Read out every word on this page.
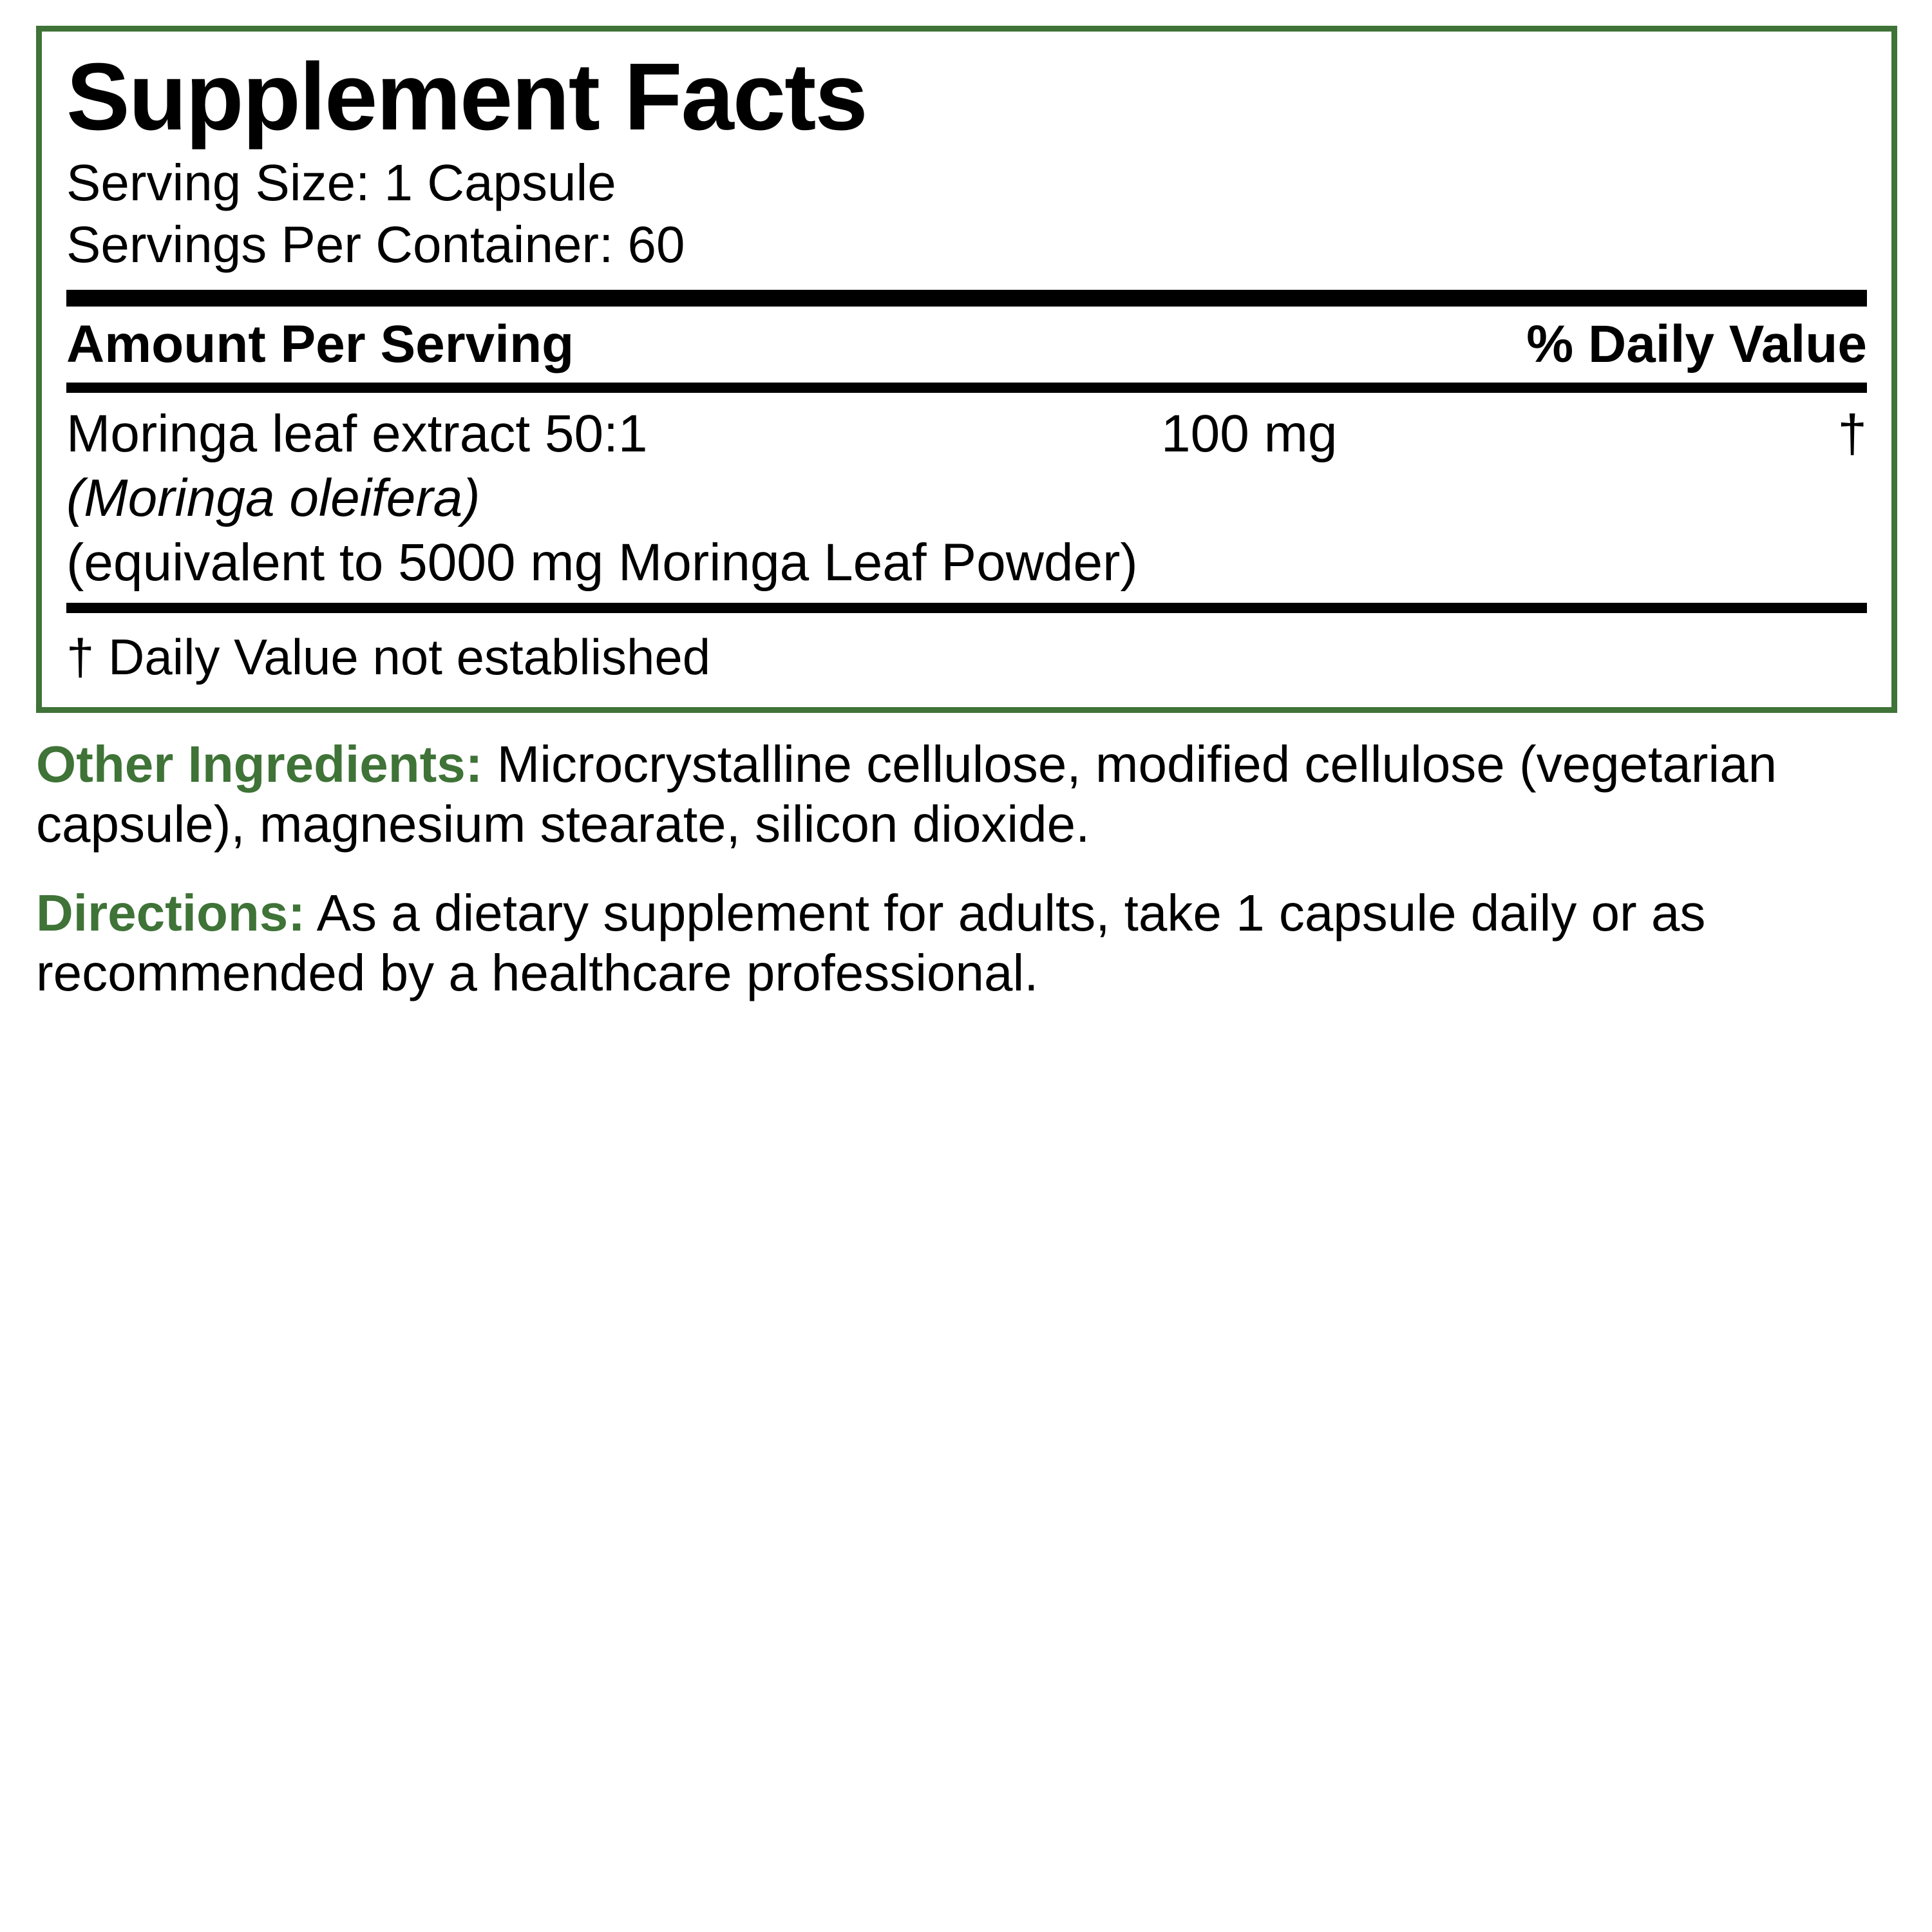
Supplement Facts
Serving Size: 1 Capsule
Servings Per Container: 60
Amount Per Serving	% Daily Value
Moringa leaf extract 50:1	100 mg	†
(Moringa oleifera)
(equivalent to 5000 mg Moringa Leaf Powder)
† Daily Value not established

Other Ingredients: Microcrystalline cellulose, modified cellulose (vegetarian capsule), magnesium stearate, silicon dioxide.

Directions: As a dietary supplement for adults, take 1 capsule daily or as recommended by a healthcare professional.
